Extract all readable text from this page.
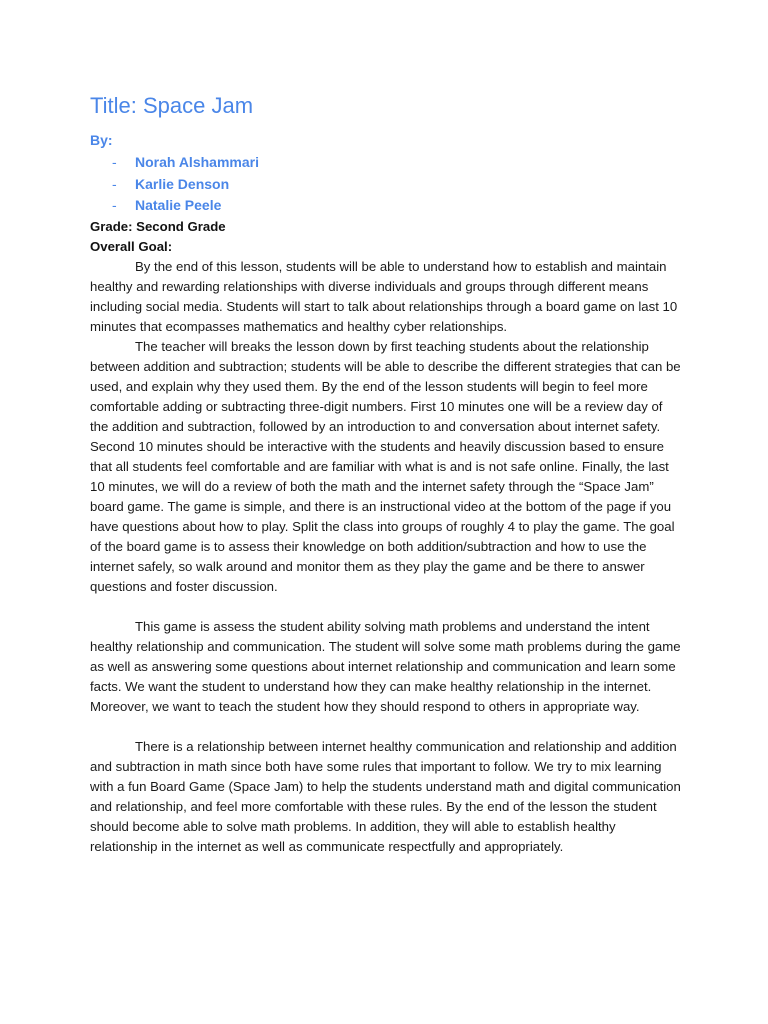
Title: Space Jam
By:
- Norah Alshammari
- Karlie Denson
- Natalie Peele
Grade: Second Grade
Overall Goal:

By the end of this lesson, students will be able to understand how to establish and maintain healthy and rewarding relationships with diverse individuals and groups through different means including social media. Students will start to talk about relationships through a board game on last 10 minutes that ecompasses mathematics and healthy cyber relationships.

The teacher will breaks the lesson down by first teaching students about the relationship between addition and subtraction; students will be able to describe the different strategies that can be used, and explain why they used them. By the end of the lesson students will begin to feel more comfortable adding or subtracting three-digit numbers. First 10 minutes one will be a review day of the addition and subtraction, followed by an introduction to and conversation about internet safety. Second 10 minutes should be interactive with the students and heavily discussion based to ensure that all students feel comfortable and are familiar with what is and is not safe online. Finally, the last 10 minutes, we will do a review of both the math and the internet safety through the “Space Jam” board game. The game is simple, and there is an instructional video at the bottom of the page if you have questions about how to play. Split the class into groups of roughly 4 to play the game. The goal of the board game is to assess their knowledge on both addition/subtraction and how to use the internet safely, so walk around and monitor them as they play the game and be there to answer questions and foster discussion.

This game is assess the student ability solving math problems and understand the intent healthy relationship and communication. The student will solve some math problems during the game as well as answering some questions about internet relationship and communication and learn some facts. We want the student to understand how they can make healthy relationship in the internet. Moreover, we want to teach the student how they should respond to others in appropriate way.

There is a relationship between internet healthy communication and relationship and addition and subtraction in math since both have some rules that important to follow. We try to mix learning with a fun Board Game (Space Jam) to help the students understand math and digital communication and relationship, and feel more comfortable with these rules. By the end of the lesson the student should become able to solve math problems. In addition, they will able to establish healthy relationship in the internet as well as communicate respectfully and appropriately.
